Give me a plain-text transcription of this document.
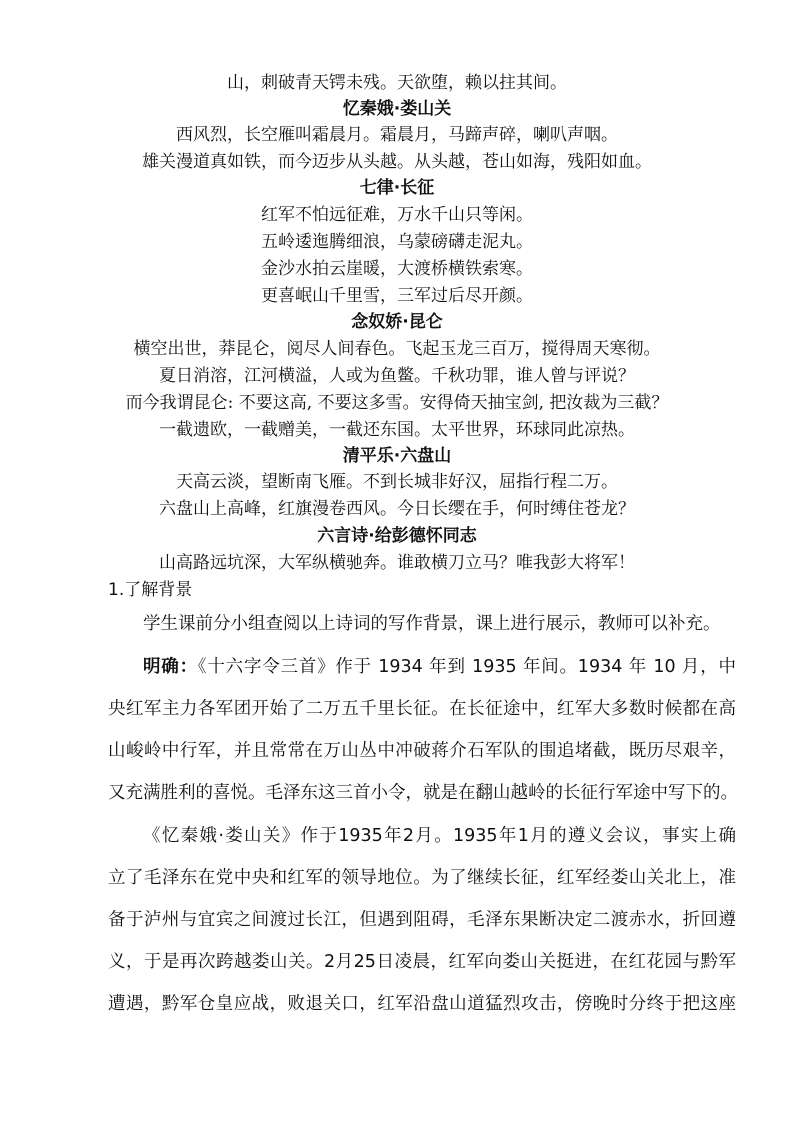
山，刺破青天锷未残。天欲堕，赖以拄其间。
忆秦娥·娄山关
西风烈，长空雁叫霜晨月。霜晨月，马蹄声碎，喇叭声咽。
雄关漫道真如铁，而今迈步从头越。从头越，苍山如海，残阳如血。
七律·长征
红军不怕远征难，万水千山只等闲。
五岭逶迤腾细浪，乌蒙磅礴走泥丸。
金沙水拍云崖暖，大渡桥横铁索寒。
更喜岷山千里雪，三军过后尽开颜。
念奴娇·昆仑
横空出世，莽昆仑，阅尽人间春色。飞起玉龙三百万，搅得周天寒彻。
夏日消溶，江河横溢，人或为鱼鳖。千秋功罪，谁人曾与评说？
而今我谓昆仑: 不要这高, 不要这多雪。安得倚天抽宝剑, 把汝裁为三截？
一截遗欧，一截赠美，一截还东国。太平世界，环球同此凉热。
清平乐·六盘山
天高云淡，望断南飞雁。不到长城非好汉，屈指行程二万。
六盘山上高峰，红旗漫卷西风。今日长缨在手，何时缚住苍龙？
六言诗·给彭德怀同志
山高路远坑深，大军纵横驰奔。谁敢横刀立马？唯我彭大将军！
1.了解背景
学生课前分小组查阅以上诗词的写作背景，课上进行展示，教师可以补充。
明确：《十六字令三首》作于 1934 年到 1935 年间。1934 年 10 月，中
央红军主力各军团开始了二万五千里长征。在长征途中，红军大多数时候都在高
山峻岭中行军，并且常常在万山丛中冲破蒋介石军队的围追堵截，既历尽艰辛，
又充满胜利的喜悦。毛泽东这三首小令，就是在翻山越岭的长征行军途中写下的。
《忆秦娥·娄山关》作于1935年2月。1935年1月的遵义会议，事实上确
立了毛泽东在党中央和红军的领导地位。为了继续长征，红军经娄山关北上，准
备于泸州与宜宾之间渡过长江，但遇到阻碍，毛泽东果断决定二渡赤水，折回遵
义，于是再次跨越娄山关。2月25日凌晨，红军向娄山关挺进，在红花园与黔军
遭遇，黔军仓皇应战，败退关口，红军沿盘山道猛烈攻击，傍晚时分终于把这座
